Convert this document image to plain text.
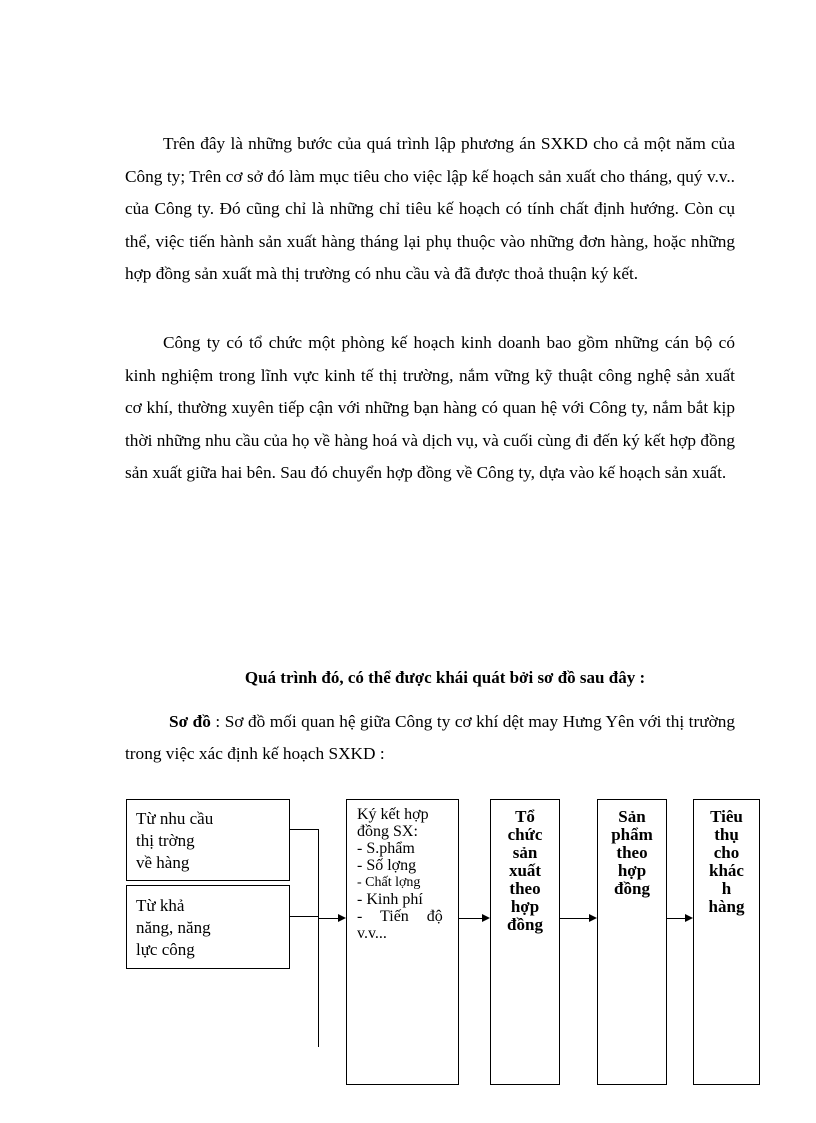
Trên đây là những bước của quá trình lập phương án SXKD cho cả một năm của Công ty; Trên cơ sở đó làm mục tiêu cho việc lập kế hoạch sản xuất cho tháng, quý v.v.. của Công ty. Đó cũng chỉ là những chỉ tiêu kế hoạch có tính chất định hướng. Còn cụ thể, việc tiến hành sản xuất hàng tháng lại phụ thuộc vào những đơn hàng, hoặc những hợp đồng sản xuất mà thị trường có nhu cầu và đã được thoả thuận ký kết.

Công ty có tổ chức một phòng kế hoạch kinh doanh bao gồm những cán bộ có kinh nghiệm trong lĩnh vực kinh tế thị trường, nắm vững kỹ thuật công nghệ sản xuất cơ khí, thường xuyên tiếp cận với những bạn hàng có quan hệ với Công ty, nắm bắt kịp thời những nhu cầu của họ về hàng hoá và dịch vụ, và cuối cùng đi đến ký kết hợp đồng sản xuất giữa hai bên. Sau đó chuyển hợp đồng về Công ty, dựa vào kế hoạch sản xuất.

Quá trình đó, có thể được khái quát bởi sơ đồ sau đây :

Sơ đồ : Sơ đồ mối quan hệ giữa Công ty cơ khí dệt may Hưng Yên với thị trường trong việc xác định kế hoạch SXKD :

Từ nhu cầu
thị trờng
về hàng
Từ khả
năng, năng
lực công
Ký kết hợp
đồng SX:
- S.phẩm
- Số lợng
- Chất lợng
- Kinh phí
- Tiến độ
v.v...
Tổ
chức
sản
xuất
theo
hợp
đồng
Sản
phẩm
theo
hợp
đồng
Tiêu
thụ
cho
khác
h
hàng
